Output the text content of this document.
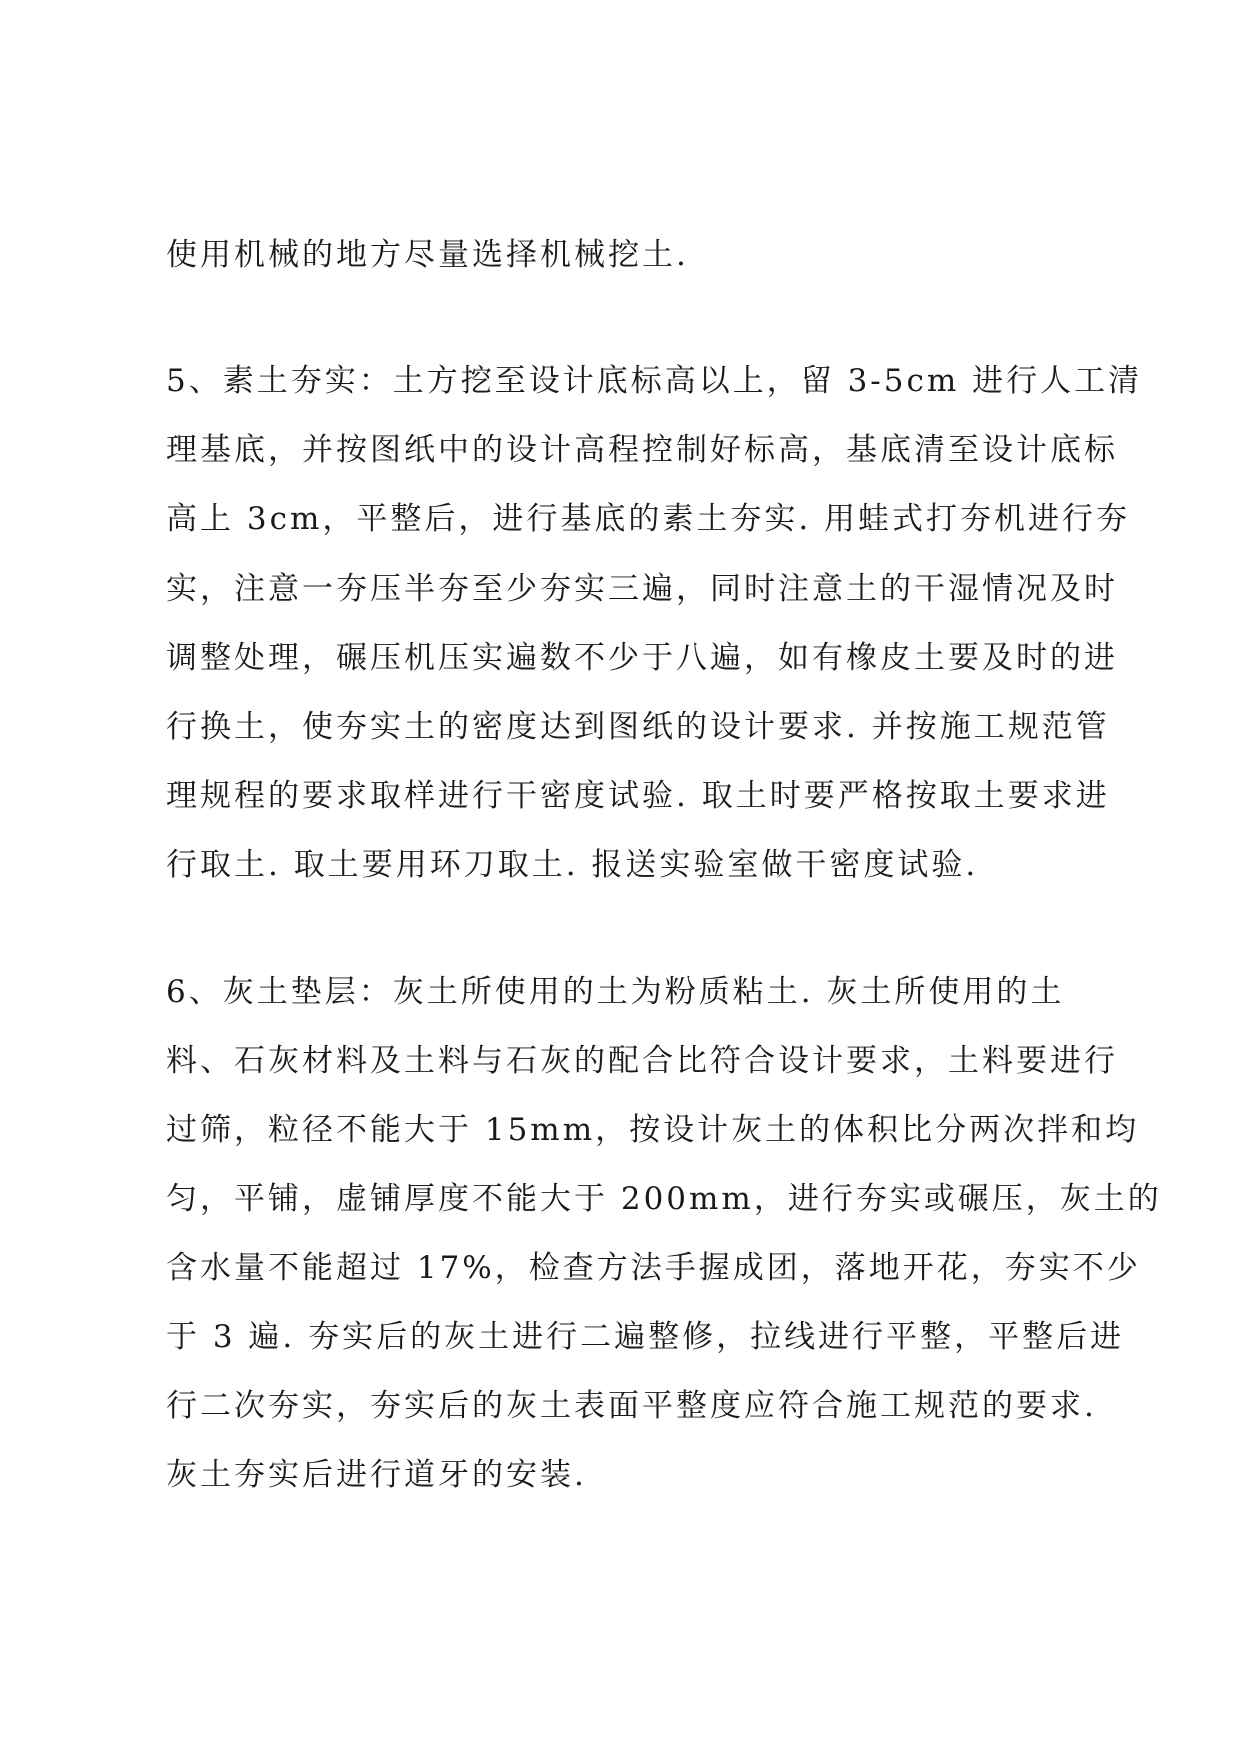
使用机械的地方尽量选择机械挖土.
5、素土夯实：土方挖至设计底标高以上，留 3-5cm 进行人工清
理基底，并按图纸中的设计高程控制好标高，基底清至设计底标
高上 3cm，平整后，进行基底的素土夯实. 用蛙式打夯机进行夯
实，注意一夯压半夯至少夯实三遍，同时注意土的干湿情况及时
调整处理，碾压机压实遍数不少于八遍，如有橡皮土要及时的进
行换土，使夯实土的密度达到图纸的设计要求. 并按施工规范管
理规程的要求取样进行干密度试验. 取土时要严格按取土要求进
行取土. 取土要用环刀取土. 报送实验室做干密度试验.
6、灰土垫层：灰土所使用的土为粉质粘土. 灰土所使用的土
料、石灰材料及土料与石灰的配合比符合设计要求，土料要进行
过筛，粒径不能大于 15mm，按设计灰土的体积比分两次拌和均
匀，平铺，虚铺厚度不能大于 200mm，进行夯实或碾压，灰土的
含水量不能超过 17%，检查方法手握成团，落地开花，夯实不少
于 3 遍. 夯实后的灰土进行二遍整修，拉线进行平整，平整后进
行二次夯实，夯实后的灰土表面平整度应符合施工规范的要求.
灰土夯实后进行道牙的安装.
